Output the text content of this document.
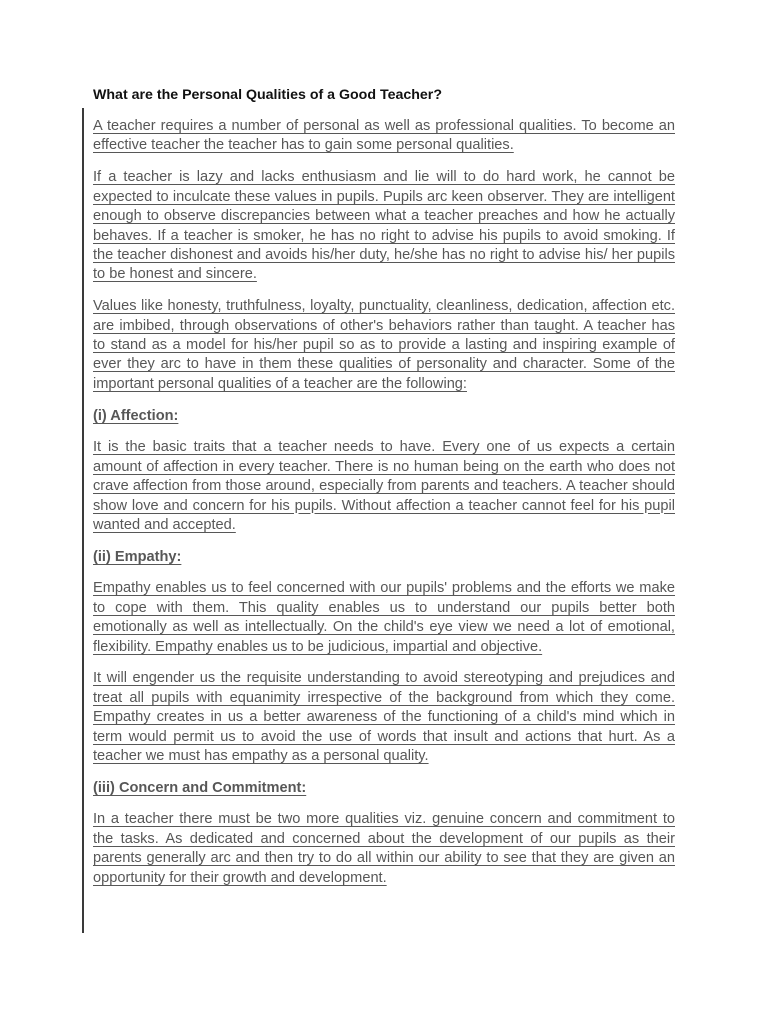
What are the Personal Qualities of a Good Teacher?

A teacher requires a number of personal as well as professional qualities. To become an effective teacher the teacher has to gain some personal qualities.

If a teacher is lazy and lacks enthusiasm and lie will to do hard work, he cannot be expected to inculcate these values in pupils. Pupils arc keen observer. They are intelligent enough to observe discrepancies between what a teacher preaches and how he actually behaves. If a teacher is smoker, he has no right to advise his pupils to avoid smoking. If the teacher dishonest and avoids his/her duty, he/she has no right to advise his/ her pupils to be honest and sincere.

Values like honesty, truthfulness, loyalty, punctuality, cleanliness, dedication, affection etc. are imbibed, through observations of other's behaviors rather than taught. A teacher has to stand as a model for his/her pupil so as to provide a lasting and inspiring example of ever they arc to have in them these qualities of personality and character. Some of the important personal qualities of a teacher are the following:

(i) Affection:

It is the basic traits that a teacher needs to have. Every one of us expects a certain amount of affection in every teacher. There is no human being on the earth who does not crave affection from those around, especially from parents and teachers. A teacher should show love and concern for his pupils. Without affection a teacher cannot feel for his pupil wanted and accepted.

(ii) Empathy:

Empathy enables us to feel concerned with our pupils' problems and the efforts we make to cope with them. This quality enables us to understand our pupils better both emotionally as well as intellectually. On the child's eye view we need a lot of emotional, flexibility. Empathy enables us to be judicious, impartial and objective.

It will engender us the requisite understanding to avoid stereotyping and prejudices and treat all pupils with equanimity irrespective of the background from which they come. Empathy creates in us a better awareness of the functioning of a child's mind which in term would permit us to avoid the use of words that insult and actions that hurt. As a teacher we must has empathy as a personal quality.

(iii) Concern and Commitment:

In a teacher there must be two more qualities viz. genuine concern and commitment to the tasks. As dedicated and concerned about the development of our pupils as their parents generally arc and then try to do all within our ability to see that they are given an opportunity for their growth and development.
